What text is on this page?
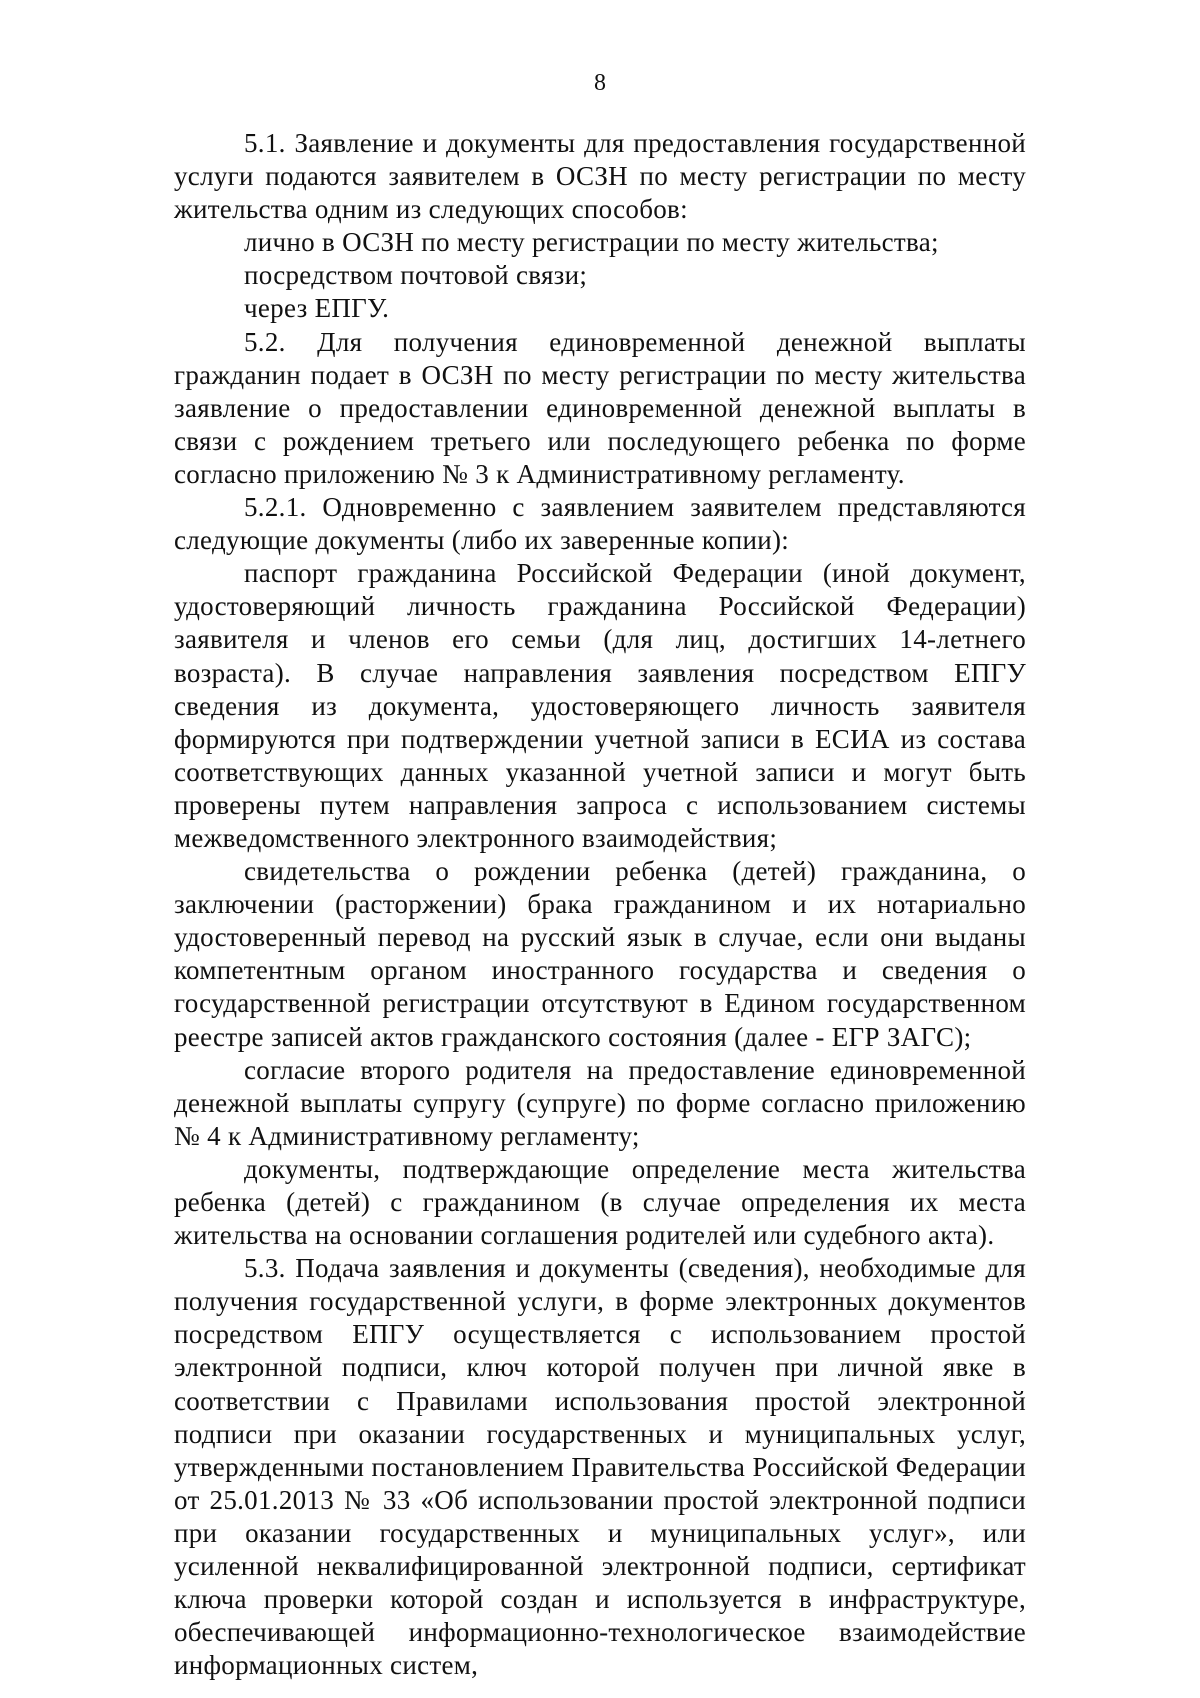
8

5.1. Заявление и документы для предоставления государственной услуги подаются заявителем в ОСЗН по месту регистрации по месту жительства одним из следующих способов:

лично в ОСЗН по месту регистрации по месту жительства;

посредством почтовой связи;

через ЕПГУ.

5.2. Для получения единовременной денежной выплаты гражданин подает в ОСЗН по месту регистрации по месту жительства заявление о предоставлении единовременной денежной выплаты в связи с рождением третьего или последующего ребенка по форме согласно приложению № 3 к Административному регламенту.

5.2.1. Одновременно с заявлением заявителем представляются следующие документы (либо их заверенные копии):

паспорт гражданина Российской Федерации (иной документ, удостоверяющий личность гражданина Российской Федерации) заявителя и членов его семьи (для лиц, достигших 14-летнего возраста). В случае направления заявления посредством ЕПГУ сведения из документа, удостоверяющего личность заявителя формируются при подтверждении учетной записи в ЕСИА из состава соответствующих данных указанной учетной записи и могут быть проверены путем направления запроса с использованием системы межведомственного электронного взаимодействия;

свидетельства о рождении ребенка (детей) гражданина, о заключении (расторжении) брака гражданином и их нотариально удостоверенный перевод на русский язык в случае, если они выданы компетентным органом иностранного государства и сведения о государственной регистрации отсутствуют в Едином государственном реестре записей актов гражданского состояния (далее - ЕГР ЗАГС);

согласие второго родителя на предоставление единовременной денежной выплаты супругу (супруге) по форме согласно приложению № 4 к Административному регламенту;

документы, подтверждающие определение места жительства ребенка (детей) с гражданином (в случае определения их места жительства на основании соглашения родителей или судебного акта).

5.3. Подача заявления и документы (сведения), необходимые для получения государственной услуги, в форме электронных документов посредством ЕПГУ осуществляется с использованием простой электронной подписи, ключ которой получен при личной явке в соответствии с Правилами использования простой электронной подписи при оказании государственных и муниципальных услуг, утвержденными постановлением Правительства Российской Федерации от 25.01.2013 № 33 «Об использовании простой электронной подписи при оказании государственных и муниципальных услуг», или усиленной неквалифицированной электронной подписи, сертификат ключа проверки которой создан и используется в инфраструктуре, обеспечивающей информационно-технологическое взаимодействие информационных систем,
